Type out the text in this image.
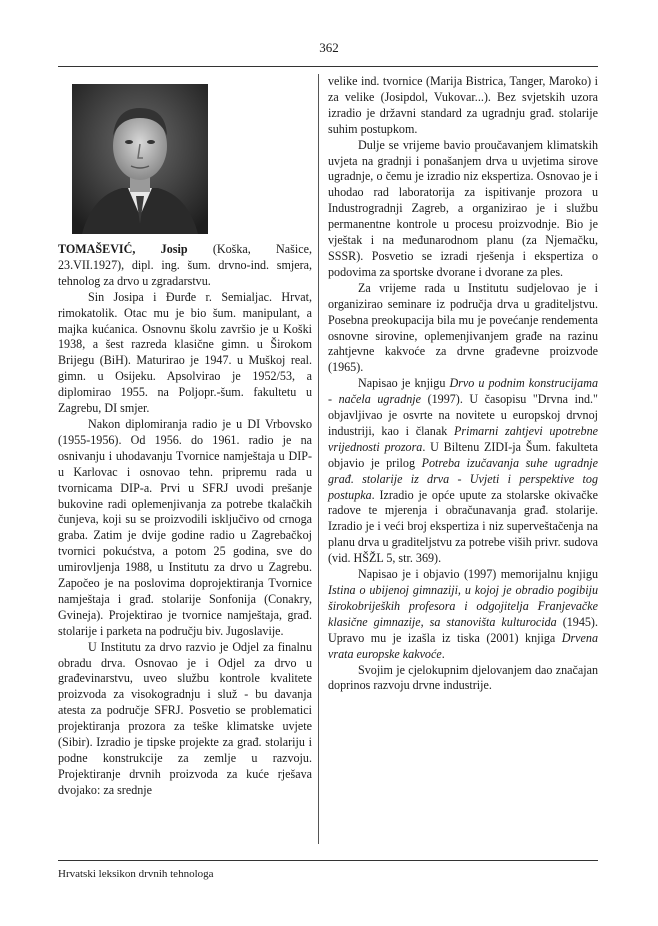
362

TOMAŠEVIĆ, Josip (Koška, Našice, 23.VII.1927), dipl. ing. šum. drvno-ind. smjera, tehnolog za drvo u zgradarstvu.

Sin Josipa i Đurđe r. Semialjac. Hrvat, rimokatolik. Otac mu je bio šum. manipulant, a majka kućanica. Osnovnu školu završio je u Koški 1938, a šest razreda klasične gimn. u Širokom Brijegu (BiH). Maturirao je 1947. u Muškoj real. gimn. u Osijeku. Apsolvirao je 1952/53, a diplomirao 1955. na Poljopr.-šum. fakultetu u Zagrebu, DI smjer.

Nakon diplomiranja radio je u DI Vrbovsko (1955-1956). Od 1956. do 1961. radio je na osnivanju i uhodavanju Tvornice namještaja u DIP-u Karlovac i osnovao tehn. pripremu rada u tvornicama DIP-a. Prvi u SFRJ uvodi prešanje bukovine radi oplemenjivanja za potrebe tkalačkih čunjeva, koji su se proizvodili isključivo od crnoga graba. Zatim je dvije godine radio u Zagrebačkoj tvornici pokućstva, a potom 25 godina, sve do umirovljenja 1988, u Institutu za drvo u Zagrebu. Započeo je na poslovima doprojektiranja Tvornice namještaja i građ. stolarije Sonfonija (Conakry, Gvineja). Projektirao je tvornice namještaja, građ. stolarije i parketa na području biv. Jugoslavije.

U Institutu za drvo razvio je Odjel za finalnu obradu drva. Osnovao je i Odjel za drvo u građevinarstvu, uveo službu kontrole kvalitete proizvoda za visokogradnju i služ - bu davanja atesta za područje SFRJ. Posvetio se problematici projektiranja prozora za teške klimatske uvjete (Sibir). Izradio je tipske projekte za građ. stolariju i podne konstrukcije za zemlje u razvoju. Projektiranje drvnih proizvoda za kuće rješava dvojako: za srednje

velike ind. tvornice (Marija Bistrica, Tanger, Maroko) i za velike (Josipdol, Vukovar...). Bez svjetskih uzora izradio je državni standard za ugradnju građ. stolarije suhim postupkom.

Dulje se vrijeme bavio proučavanjem klimatskih uvjeta na gradnji i ponašanjem drva u uvjetima sirove ugradnje, o čemu je izradio niz ekspertiza. Osnovao je i uhodao rad laboratorija za ispitivanje prozora u Industrogradnji Zagreb, a organizirao je i službu permanentne kontrole u procesu proizvodnje. Bio je vještak i na međunarodnom planu (za Njemačku, SSSR). Posvetio se izradi rješenja i ekspertiza o podovima za sportske dvorane i dvorane za ples.

Za vrijeme rada u Institutu sudjelovao je i organizirao seminare iz područja drva u graditeljstvu. Posebna preokupacija bila mu je povećanje rendementa osnovne sirovine, oplemenjivanjem građe na razinu zahtjevne kakvoće za drvne građevne proizvode (1965).

Napisao je knjigu Drvo u podnim konstrucijama - načela ugradnje (1997). U časopisu "Drvna ind." objavljivao je osvrte na novitete u europskoj drvnoj industriji, kao i članak Primarni zahtjevi upotrebne vrijednosti prozora. U Biltenu ZIDI-ja Šum. fakulteta objavio je prilog Potreba izučavanja suhe ugradnje građ. stolarije iz drva - Uvjeti i perspektive tog postupka. Izradio je opće upute za stolarske okivačke radove te mjerenja i obračunavanja građ. stolarije. Izradio je i veći broj ekspertiza i niz superveštačenja na planu drva u graditeljstvu za potrebe viših privr. sudova (vid. HŠŽL 5, str. 369).

Napisao je i objavio (1997) memorijalnu knjigu Istina o ubijenoj gimnaziji, u kojoj je obradio pogibiju širokobrijeških profesora i odgojitelja Franjevačke klasične gimnazije, sa stanovišta kulturocida (1945). Upravo mu je izašla iz tiska (2001) knjiga Drvena vrata europske kakvoće.

Svojim je cjelokupnim djelovanjem dao značajan doprinos razvoju drvne industrije.

Hrvatski leksikon drvnih tehnologa
